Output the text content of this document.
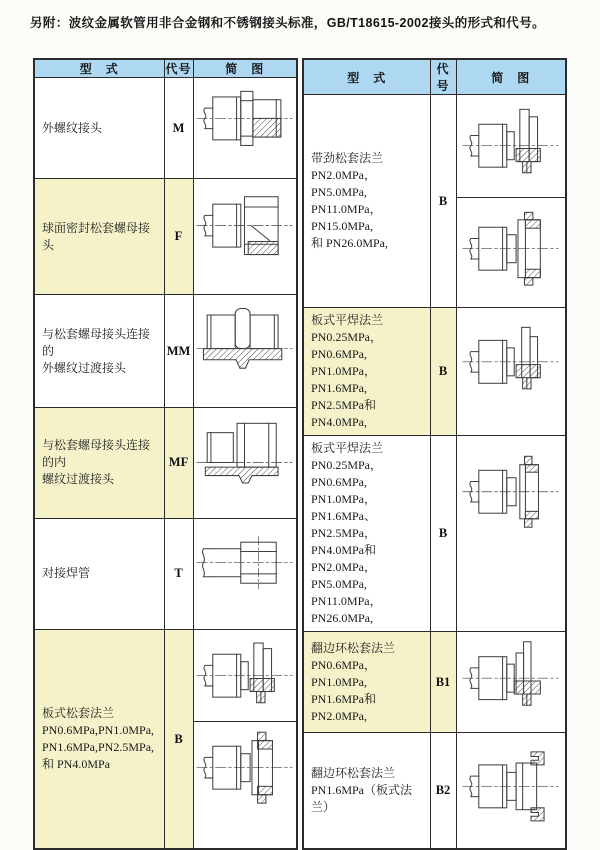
另附：波纹金属软管用非合金钢和不锈钢接头标准，GB/T18615-2002接头的形式和代号。
型　式	代号	简　图

外螺纹接头	M	

球面密封松套螺母接头	F	

与松套螺母接头连接的
外螺纹过渡接头	MM	

与松套螺母接头连接的内
螺纹过渡接头	MF	

对接焊管	T	

板式松套法兰
PN0.6MPa,PN1.0MPa,
PN1.6MPa,PN2.5MPa,
和 PN4.0MPa	B	
型　式	代号	简　图

带劲松套法兰
PN2.0MPa，PN5.0MPa,
PN11.0MPa，PN15.0MPa,
和 PN26.0MPa,	B	

板式平焊法兰
PN0.25MPa，PN0.6MPa,
PN1.0MPa，PN1.6MPa,
PN2.5MPa和PN4.0MPa,	B	

板式平焊法兰
PN0.25MPa，PN0.6MPa,
PN1.0MPa，PN1.6MPa、
PN2.5MPa，PN4.0MPa和
PN2.0MPa，PN5.0MPa,
PN11.0MPa，PN26.0MPa,
	B	

翻边环松套法兰
PN0.6MPa，PN1.0MPa,
PN1.6MPa和PN2.0MPa,	B1	

翻边环松套法兰
PN1.6MPa（板式法兰）	B2	
